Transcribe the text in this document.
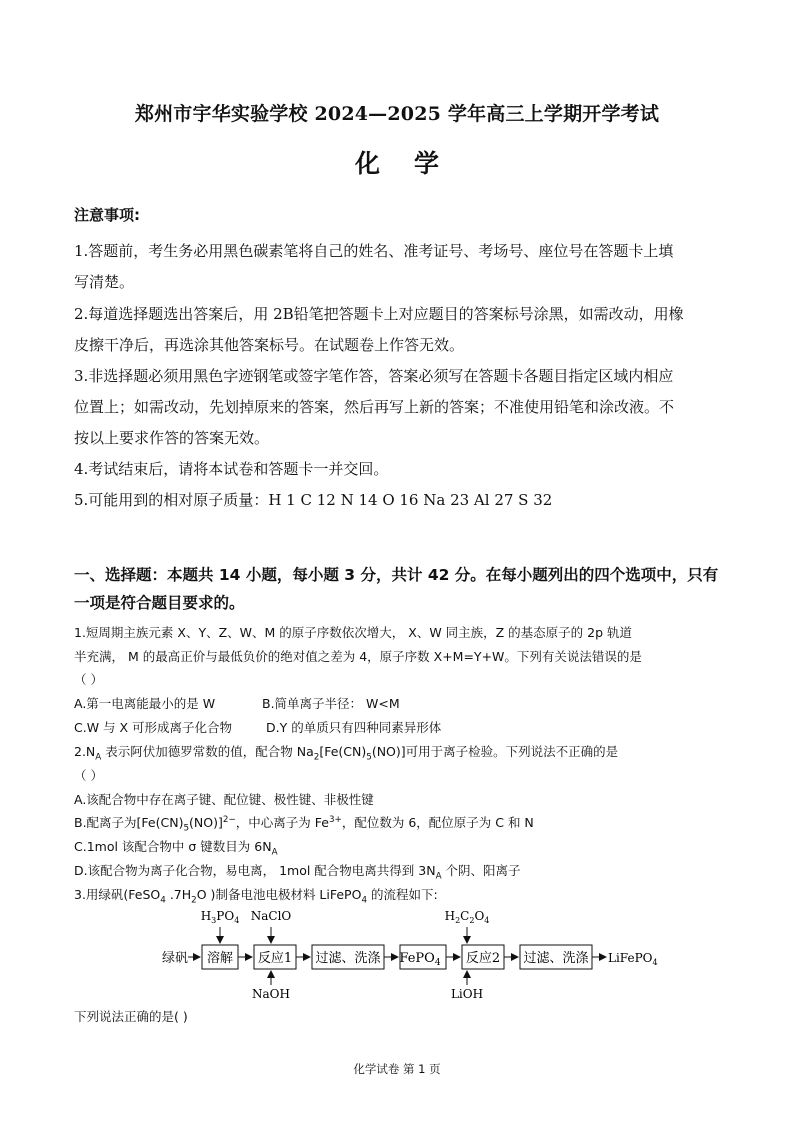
郑州市宇华实验学校 2024—2025 学年高三上学期开学考试
化学
注意事项:
1.答题前，考生务必用黑色碳素笔将自己的姓名、准考证号、考场号、座位号在答题卡上填
写清楚。
2.每道选择题选出答案后，用 2B铅笔把答题卡上对应题目的答案标号涂黑，如需改动，用橡
皮擦干净后，再选涂其他答案标号。在试题卷上作答无效。
3.非选择题必须用黑色字迹钢笔或签字笔作答，答案必须写在答题卡各题目指定区域内相应
位置上；如需改动，先划掉原来的答案，然后再写上新的答案；不准使用铅笔和涂改液。不
按以上要求作答的答案无效。
4.考试结束后，请将本试卷和答题卡一并交回。
5.可能用到的相对原子质量：H 1 C 12 N 14 O 16 Na 23 Al 27 S 32
一、选择题：本题共 14 小题，每小题 3 分，共计 42 分。在每小题列出的四个选项中，只有
一项是符合题目要求的。
1.短周期主族元素 X、Y、Z、W、M 的原子序数依次增大， X、W 同主族，Z 的基态原子的 2p 轨道
半充满， M 的最高正价与最低负价的绝对值之差为 4，原子序数 X+M=Y+W。下列有关说法错误的是
（ ）
A.第一电离能最小的是 W	B.简单离子半径： W<M
C.W 与 X 可形成离子化合物	D.Y 的单质只有四种同素异形体
$2.N_A$ 表示阿伏加德罗常数的值，配合物 $Na_2[Fe(CN)_5(NO)]$可用于离子检验。下列说法不正确的是
（ ）
A.该配合物中存在离子键、配位键、极性键、非极性键
B.配离子为$[Fe(CN)_5(NO)]^{2-}$，中心离子为 $Fe^{3+}$，配位数为 6，配位原子为 C 和 N
C.1mol 该配合物中 σ 键数目为 $6N_A$
D.该配合物为离子化合物，易电离， 1mol 配合物电离共得到 $3N_A$ 个阴、阳离子
3.用绿矾(FeSO$_4$ $.7H_2O$ )制备电池电极材料 LiFePO$_4$ 的流程如下:
绿矾 溶解 反应1 过滤、洗涤 FePO$_4$ 反应2 过滤、洗涤 LiFePO$_4$
$H_3PO_4$ NaClO	$H_2C_2O_4$
NaOH	LiOH
下列说法正确的是( )
化学试卷 第 1 页
